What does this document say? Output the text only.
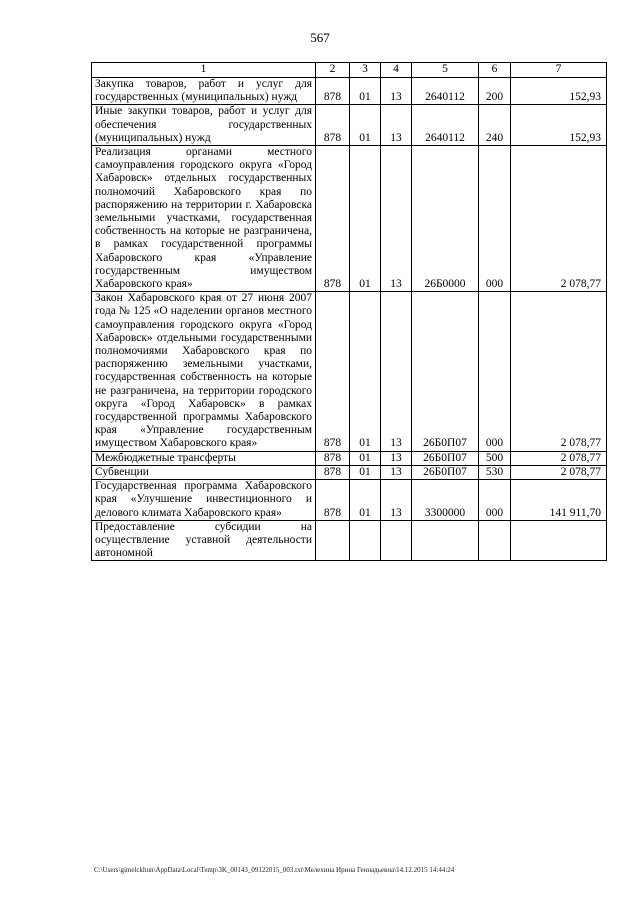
567
1	2	3	4	5	6	7
Закупка товаров, работ и услуг для государственных (муниципальных) нужд	878	01	13	2640112	200	152,93
Иные закупки товаров, работ и услуг для обеспечения государственных (муниципальных) нужд	878	01	13	2640112	240	152,93
Реализация органами местного самоуправления городского округа «Город Хабаровск» отдельных государственных полномочий Хабаровского края по распоряжению на территории г. Хабаровска земельными участками, государственная собственность на которые не разграничена, в рамках государственной программы Хабаровского края «Управление государственным имуществом Хабаровского края»	878	01	13	26Б0000	000	2 078,77
Закон Хабаровского края от 27 июня 2007 года № 125 «О наделении органов местного самоуправления городского округа «Город Хабаровск» отдельными государственными полномочиями Хабаровского края по распоряжению земельными участками, государственная собственность на которые не разграничена, на территории городского округа «Город Хабаровск» в рамках государственной программы Хабаровского края «Управление государственным имуществом Хабаровского края»	878	01	13	26Б0П07	000	2 078,77
Межбюджетные трансферты	878	01	13	26Б0П07	500	2 078,77
Субвенции	878	01	13	26Б0П07	530	2 078,77
Государственная программа Хабаровского края «Улучшение инвестиционного и делового климата Хабаровского края»	878	01	13	3300000	000	141 911,70
Предоставление субсидии на осуществление уставной деятельности автономной						
C:\Users\gimelckhun\AppData\Local\Temp\3K_00143_09122015_003.txt\Мелехина Ирина Геннадьевна\14.12.2015 14:44:24
